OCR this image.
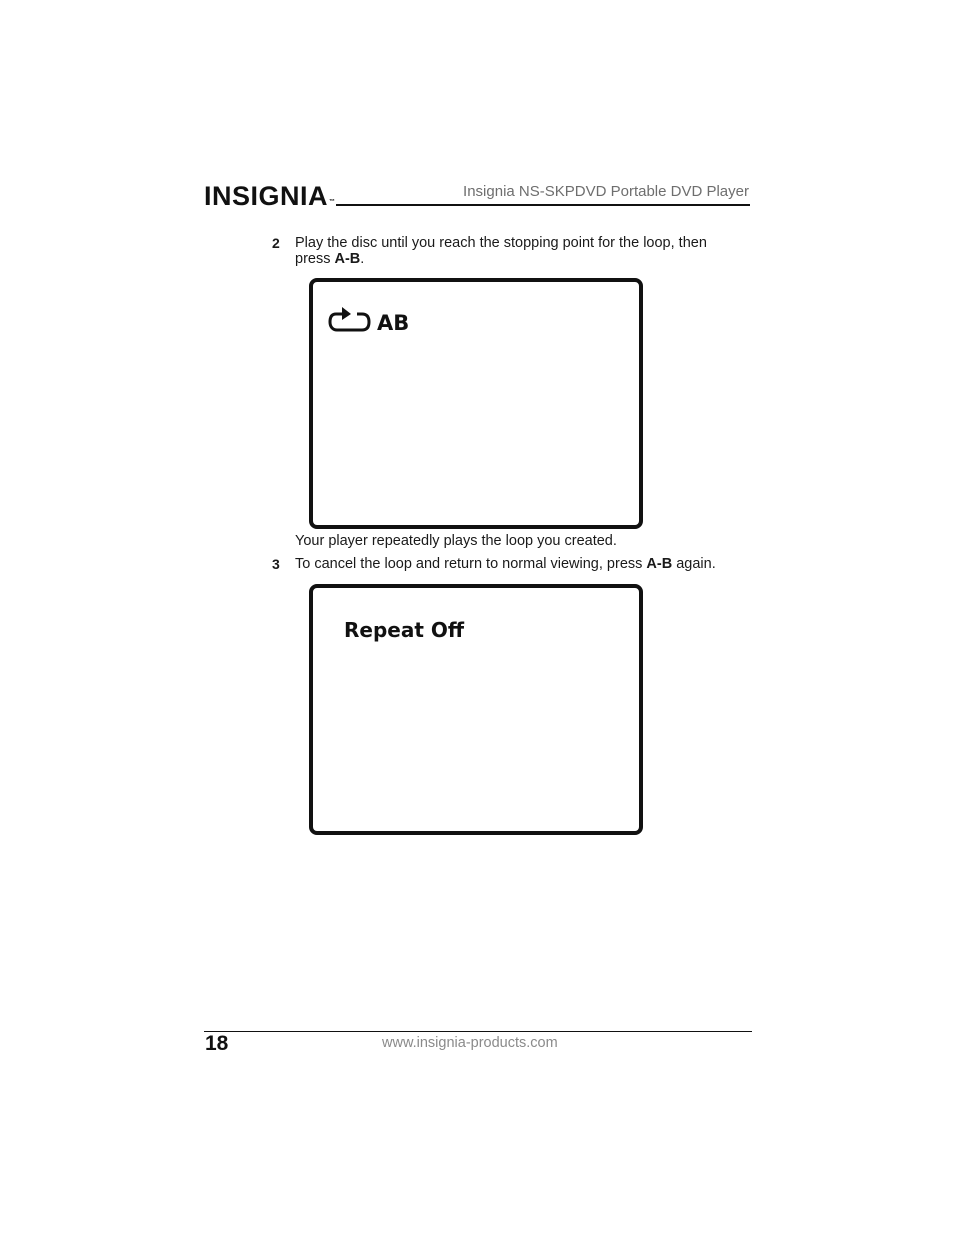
INSIGNIA™
Insignia NS-SKPDVD Portable DVD Player
2 Play the disc until you reach the stopping point for the loop, then
press A-B.
AB
Your player repeatedly plays the loop you created.
3 To cancel the loop and return to normal viewing, press A-B again.
Repeat Off
18	www.insignia-products.com
